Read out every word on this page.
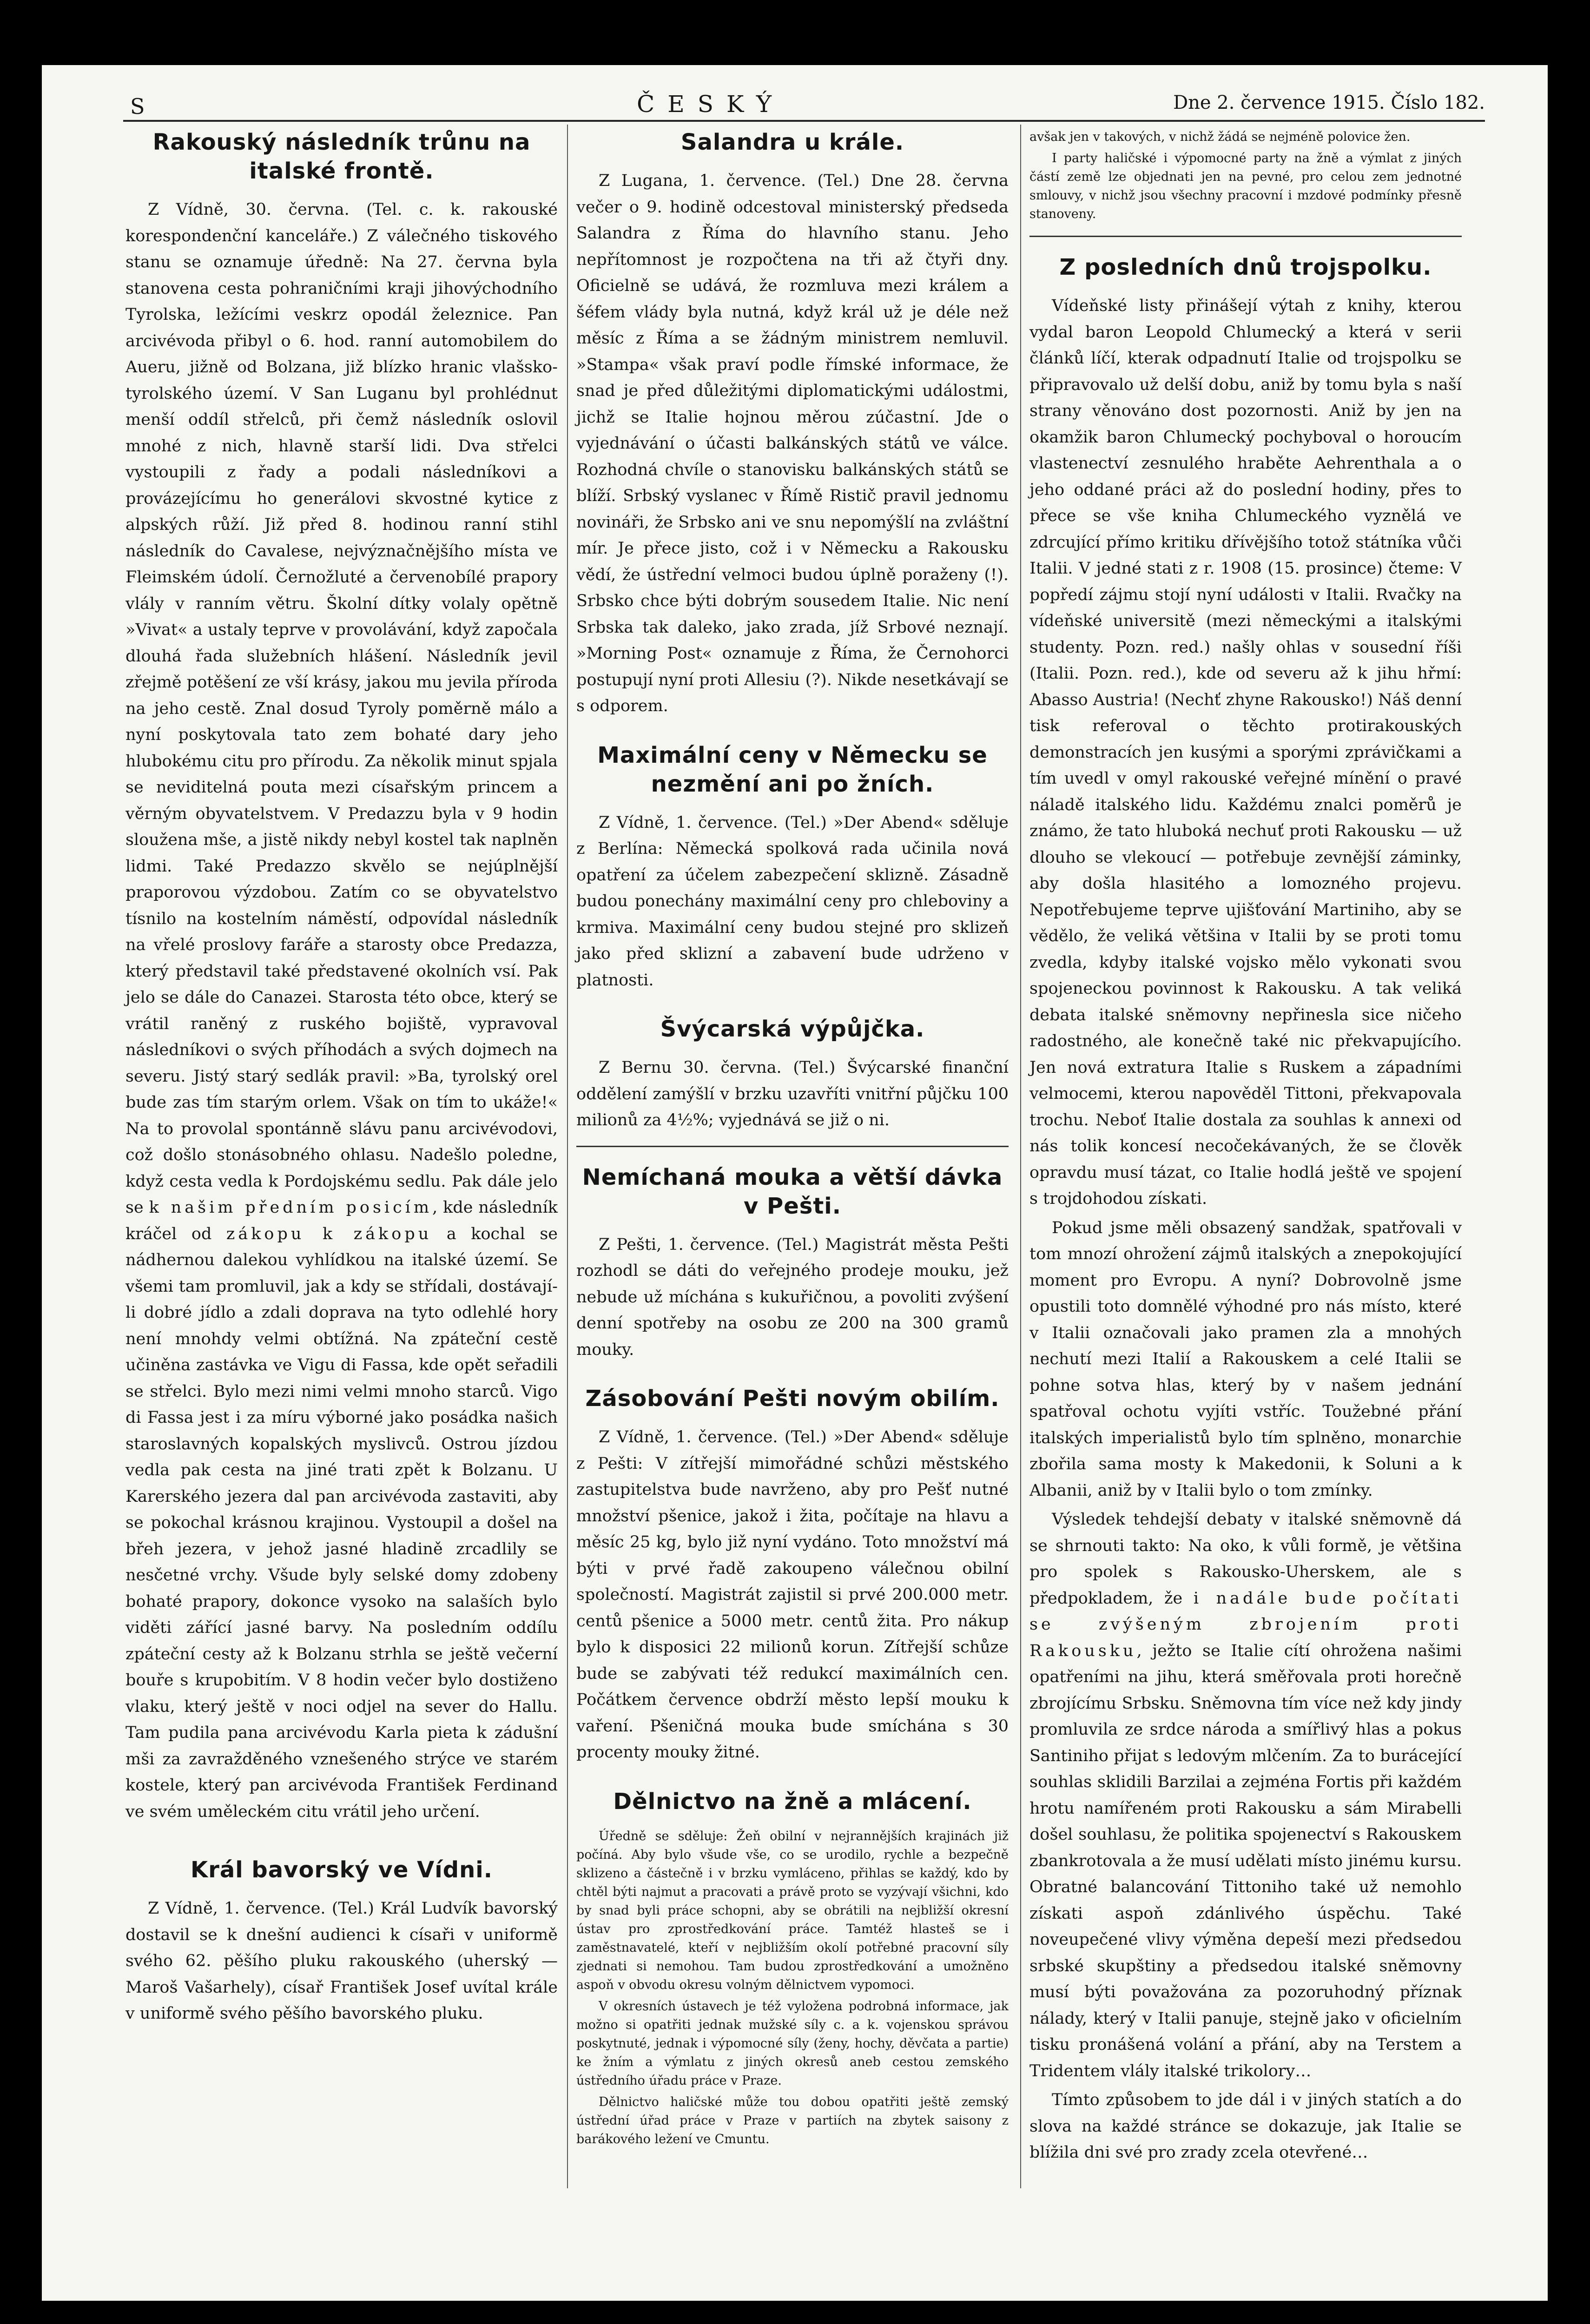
S	ČESKÝ	Dne 2. července 1915. Číslo 182.
Rakouský následník trůnu na italské frontě.

Z Vídně, 30. června. (Tel. c. k. rakouské korespondenční kanceláře.) Z válečného tiskového stanu se oznamuje úředně: Na 27. června byla stanovena cesta pohraničními kraji jihovýchodního Tyrolska, ležícími veskrz opodál železnice. Pan arcivévoda přibyl o 6. hod. ranní automobilem do Aueru, jižně od Bolzana, již blízko hranic vlašsko-tyrolského území. V San Luganu byl prohlédnut menší oddíl střelců, při čemž následník oslovil mnohé z nich, hlavně starší lidi. Dva střelci vystoupili z řady a podali následníkovi a provázejícímu ho generálovi skvostné kytice z alpských růží. Již před 8. hodinou ranní stihl následník do Cavalese, nejvýznačnějšího místa ve Fleimském údolí. Černožluté a červenobílé prapory vlály v ranním větru. Školní dítky volaly opětně »Vivat« a ustaly teprve v provolávání, když započala dlouhá řada služebních hlášení. Následník jevil zřejmě potěšení ze vší krásy, jakou mu jevila příroda na jeho cestě. Znal dosud Tyroly poměrně málo a nyní poskytovala tato zem bohaté dary jeho hlubokému citu pro přírodu. Za několik minut spjala se neviditelná pouta mezi císařským princem a věrným obyvatelstvem. V Predazzu byla v 9 hodin sloužena mše, a jistě nikdy nebyl kostel tak naplněn lidmi. Také Predazzo skvělo se nejúplnější praporovou výzdobou. Zatím co se obyvatelstvo tísnilo na kostelním náměstí, odpovídal následník na vřelé proslovy faráře a starosty obce Predazza, který představil také představené okolních vsí. Pak jelo se dále do Canazei. Starosta této obce, který se vrátil raněný z ruského bojiště, vypravoval následníkovi o svých příhodách a svých dojmech na severu. Jistý starý sedlák pravil: »Ba, tyrolský orel bude zas tím starým orlem. Však on tím to ukáže!« Na to provolal spontánně slávu panu arcivévodovi, což došlo stonásobného ohlasu. Nadešlo poledne, když cesta vedla k Pordojskému sedlu. Pak dále jelo se k našim předním posicím, kde následník kráčel od zákopu k zákopu a kochal se nádhernou dalekou vyhlídkou na italské území. Se všemi tam promluvil, jak a kdy se střídali, dostávají-li dobré jídlo a zdali doprava na tyto odlehlé hory není mnohdy velmi obtížná. Na zpáteční cestě učiněna zastávka ve Vigu di Fassa, kde opět seřadili se střelci. Bylo mezi nimi velmi mnoho starců. Vigo di Fassa jest i za míru výborné jako posádka našich staroslavných kopalských myslivců. Ostrou jízdou vedla pak cesta na jiné trati zpět k Bolzanu. U Karerského jezera dal pan arcivévoda zastaviti, aby se pokochal krásnou krajinou. Vystoupil a došel na břeh jezera, v jehož jasné hladině zrcadlily se nesčetné vrchy. Všude byly selské domy zdobeny bohaté prapory, dokonce vysoko na salaších bylo viděti zářící jasné barvy. Na posledním oddílu zpáteční cesty až k Bolzanu strhla se ještě večerní bouře s krupobitím. V 8 hodin večer bylo dostiženo vlaku, který ještě v noci odjel na sever do Hallu. Tam pudila pana arcivévodu Karla pieta k zádušní mši za zavražděného vznešeného strýce ve starém kostele, který pan arcivévoda František Ferdinand ve svém uměleckém citu vrátil jeho určení.

Král bavorský ve Vídni.

Z Vídně, 1. července. (Tel.) Král Ludvík bavorský dostavil se k dnešní audienci k císaři v uniformě svého 62. pěšího pluku rakouského (uherský — Maroš Vašarhely), císař František Josef uvítal krále v uniformě svého pěšího bavorského pluku.

Salandra u krále.

Z Lugana, 1. července. (Tel.) Dne 28. června večer o 9. hodině odcestoval ministerský předseda Salandra z Říma do hlavního stanu. Jeho nepřítomnost je rozpočtena na tři až čtyři dny. Oficielně se udává, že rozmluva mezi králem a šéfem vlády byla nutná, když král už je déle než měsíc z Říma a se žádným ministrem nemluvil. »Stampa« však praví podle římské informace, že snad je před důležitými diplomatickými událostmi, jichž se Italie hojnou měrou zúčastní. Jde o vyjednávání o účasti balkánských států ve válce. Rozhodná chvíle o stanovisku balkánských států se blíží. Srbský vyslanec v Římě Ristič pravil jednomu novináři, že Srbsko ani ve snu nepomýšlí na zvláštní mír. Je přece jisto, což i v Německu a Rakousku vědí, že ústřední velmoci budou úplně poraženy (!). Srbsko chce býti dobrým sousedem Italie. Nic není Srbska tak daleko, jako zrada, jíž Srbové neznají. »Morning Post« oznamuje z Říma, že Černohorci postupují nyní proti Allesiu (?). Nikde nesetkávají se s odporem.

Maximální ceny v Německu se nezmění ani po žních.

Z Vídně, 1. července. (Tel.) »Der Abend« sděluje z Berlína: Německá spolková rada učinila nová opatření za účelem zabezpečení sklizně. Zásadně budou ponechány maximální ceny pro chleboviny a krmiva. Maximální ceny budou stejné pro sklizeň jako před sklizní a zabavení bude udrženo v platnosti.

Švýcarská výpůjčka.

Z Bernu 30. června. (Tel.) Švýcarské finanční oddělení zamýšlí v brzku uzavříti vnitřní půjčku 100 milionů za 4½%; vyjednává se již o ni.

Nemíchaná mouka a větší dávka v Pešti.

Z Pešti, 1. července. (Tel.) Magistrát města Pešti rozhodl se dáti do veřejného prodeje mouku, jež nebude už míchána s kukuřičnou, a povoliti zvýšení denní spotřeby na osobu ze 200 na 300 gramů mouky.

Zásobování Pešti novým obilím.

Z Vídně, 1. července. (Tel.) »Der Abend« sděluje z Pešti: V zítřejší mimořádné schůzi městského zastupitelstva bude navrženo, aby pro Pešť nutné množství pšenice, jakož i žita, počítaje na hlavu a měsíc 25 kg, bylo již nyní vydáno. Toto množství má býti v prvé řadě zakoupeno válečnou obilní společností. Magistrát zajistil si prvé 200.000 metr. centů pšenice a 5000 metr. centů žita. Pro nákup bylo k disposici 22 milionů korun. Zítřejší schůze bude se zabývati též redukcí maximálních cen. Počátkem července obdrží město lepší mouku k vaření. Pšeničná mouka bude smíchána s 30 procenty mouky žitné.

Dělnictvo na žně a mlácení.

Úředně se sděluje: Žeň obilní v nejrannějších krajinách již počíná. Aby bylo všude vše, co se urodilo, rychle a bezpečně sklizeno a částečně i v brzku vymláceno, přihlas se každý, kdo by chtěl býti najmut a pracovati a právě proto se vyzývají všichni, kdo by snad byli práce schopni, aby se obrátili na nejbližší okresní ústav pro zprostředkování práce. Tamtéž hlasteš se i zaměstnavatelé, kteří v nejbližším okolí potřebné pracovní síly zjednati si nemohou. Tam budou zprostředkování a umožněno aspoň v obvodu okresu volným dělnictvem vypomoci.

V okresních ústavech je též vyložena podrobná informace, jak možno si opatřiti jednak mužské síly c. a k. vojenskou správou poskytnuté, jednak i výpomocné síly (ženy, hochy, děvčata a partie) ke žním a výmlatu z jiných okresů aneb cestou zemského ústředního úřadu práce v Praze.

Dělnictvo haličské může tou dobou opatřiti ještě zemský ústřední úřad práce v Praze v partiích na zbytek saisony z barákového ležení ve Cmuntu.

avšak jen v takových, v nichž žádá se nejméně polovice žen.

I party haličské i výpomocné party na žně a výmlat z jiných částí země lze objednati jen na pevné, pro celou zem jednotné smlouvy, v nichž jsou všechny pracovní i mzdové podmínky přesně stanoveny.

Z posledních dnů trojspolku.

Vídeňské listy přinášejí výtah z knihy, kterou vydal baron Leopold Chlumecký a která v serii článků líčí, kterak odpadnutí Italie od trojspolku se připravovalo už delší dobu, aniž by tomu byla s naší strany věnováno dost pozornosti. Aniž by jen na okamžik baron Chlumecký pochyboval o horoucím vlastenectví zesnulého hraběte Aehrenthala a o jeho oddané práci až do poslední hodiny, přes to přece se vše kniha Chlumeckého vyznělá ve zdrcující přímo kritiku dřívějšího totož státníka vůči Italii. V jedné stati z r. 1908 (15. prosince) čteme: V popředí zájmu stojí nyní události v Italii. Rvačky na vídeňské universitě (mezi německými a italskými studenty. Pozn. red.) našly ohlas v sousední říši (Italii. Pozn. red.), kde od severu až k jihu hřmí: Abasso Austria! (Nechť zhyne Rakousko!) Náš denní tisk referoval o těchto protirakouských demonstracích jen kusými a sporými zprávičkami a tím uvedl v omyl rakouské veřejné mínění o pravé náladě italského lidu. Každému znalci poměrů je známo, že tato hluboká nechuť proti Rakousku — už dlouho se vlekoucí — potřebuje zevnější záminky, aby došla hlasitého a lomozného projevu. Nepotřebujeme teprve ujišťování Martiniho, aby se vědělo, že veliká většina v Italii by se proti tomu zvedla, kdyby italské vojsko mělo vykonati svou spojeneckou povinnost k Rakousku. A tak veliká debata italské sněmovny nepřinesla sice ničeho radostného, ale konečně také nic překvapujícího. Jen nová extratura Italie s Ruskem a západními velmocemi, kterou napověděl Tittoni, překvapovala trochu. Neboť Italie dostala za souhlas k annexi od nás tolik koncesí necočekávaných, že se člověk opravdu musí tázat, co Italie hodlá ještě ve spojení s trojdohodou získati.

Pokud jsme měli obsazený sandžak, spatřovali v tom mnozí ohrožení zájmů italských a znepokojující moment pro Evropu. A nyní? Dobrovolně jsme opustili toto domnělé výhodné pro nás místo, které v Italii označovali jako pramen zla a mnohých nechutí mezi Italií a Rakouskem a celé Italii se pohne sotva hlas, který by v našem jednání spatřoval ochotu vyjíti vstříc. Toužebné přání italských imperialistů bylo tím splněno, monarchie zbořila sama mosty k Makedonii, k Soluni a k Albanii, aniž by v Italii bylo o tom zmínky.

Výsledek tehdejší debaty v italské sněmovně dá se shrnouti takto: Na oko, k vůli formě, je většina pro spolek s Rakousko-Uherskem, ale s předpokladem, že i nadále bude počítati se zvýšeným zbrojením proti Rakousku, ježto se Italie cítí ohrožena našimi opatřeními na jihu, která směřovala proti horečně zbrojícímu Srbsku. Sněmovna tím více než kdy jindy promluvila ze srdce národa a smířlivý hlas a pokus Santiniho přijat s ledovým mlčením. Za to burácející souhlas sklidili Barzilai a zejména Fortis při každém hrotu namířeném proti Rakousku a sám Mirabelli došel souhlasu, že politika spojenectví s Rakouskem zbankrotovala a že musí udělati místo jinému kursu. Obratné balancování Tittoniho také už nemohlo získati aspoň zdánlivého úspěchu. Také noveupečené vlivy výměna depeší mezi předsedou srbské skupštiny a předsedou italské sněmovny musí býti považována za pozoruhodný příznak nálady, který v Italii panuje, stejně jako v oficielním tisku pronášená volání a přání, aby na Terstem a Tridentem vlály italské trikolory…

Tímto způsobem to jde dál i v jiných statích a do slova na každé stránce se dokazuje, jak Italie se blížila dni své pro zrady zcela otevřené…
